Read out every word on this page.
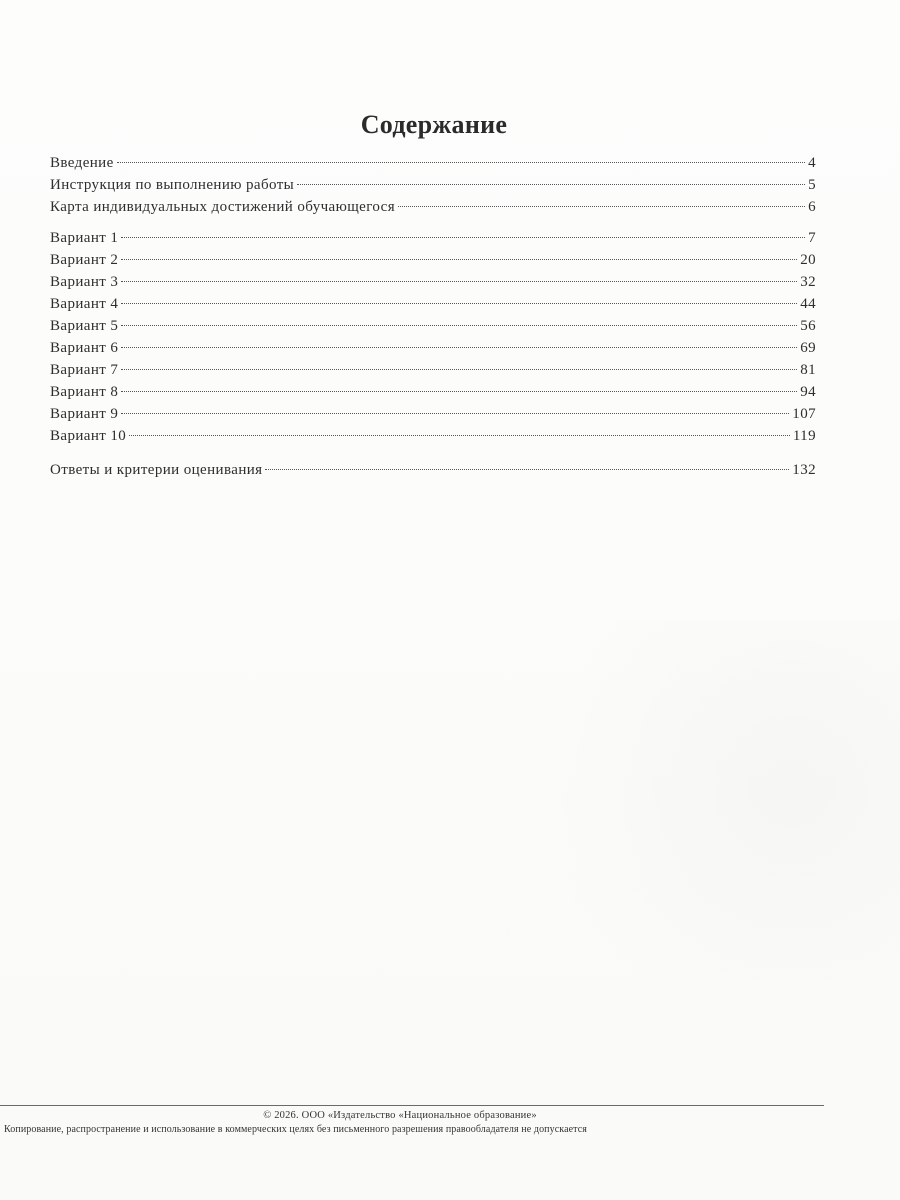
Содержание
Введение	4
Инструкция по выполнению работы	5
Карта индивидуальных достижений обучающегося	6
Вариант 1	7
Вариант 2	20
Вариант 3	32
Вариант 4	44
Вариант 5	56
Вариант 6	69
Вариант 7	81
Вариант 8	94
Вариант 9	107
Вариант 10	119
Ответы и критерии оценивания	132
© 2026. ООО «Издательство «Национальное образование»
Копирование, распространение и использование в коммерческих целях без письменного разрешения правообладателя не допускается
